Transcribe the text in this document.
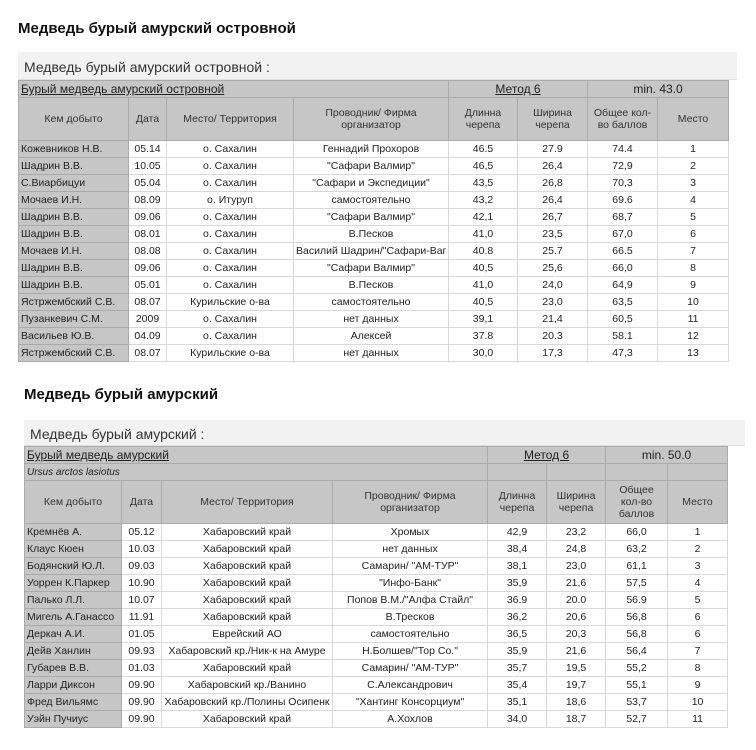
Медведь бурый амурский островной
Медведь бурый амурский островной :
Бурый медведь амурский островной				Метод 6		min. 43.0	
Кем добыто	Дата	Место/ Территория	Проводник/ Фирма организатор	Длинна черепа	Ширина черепа	Общее кол-во баллов	Место
Кожевников Н.В.	05.14	о. Сахалин	Геннадий Прохоров	46.5	27.9	74.4	1
Шадрин В.В.	10.05	о. Сахалин	"Сафари Валмир"	46,5	26,4	72,9	2
С.Виарбицуи	05.04	о. Сахалин	"Сафари и Экспедиции"	43,5	26,8	70,3	3
Мочаев И.Н.	08.09	о. Итуруп	самостоятельно	43,2	26,4	69.6	4
Шадрин В.В.	09.06	о. Сахалин	"Сафари Валмир"	42,1	26,7	68,7	5
Шадрин В.В.	08.01	о. Сахалин	В.Песков	41,0	23,5	67,0	6
Мочаев И.Н.	08.08	о. Сахалин	Василий Шадрин/"Сафари-Ваг	40.8	25.7	66.5	7
Шадрин В.В.	09.06	о. Сахалин	"Сафари Валмир"	40,5	25,6	66,0	8
Шадрин В.В.	05.01	о. Сахалин	В.Песков	41,0	24,0	64,9	9
Ястржембский С.В.	08.07	Курильские о-ва	самостоятельно	40,5	23,0	63,5	10
Пузанкевич С.М.	2009	о. Сахалин	нет данных	39,1	21,4	60,5	11
Васильев Ю.В.	04.09	о. Сахалин	Алексей	37.8	20.3	58.1	12
Ястржембский С.В.	08.07	Курильские о-ва	нет данных	30,0	17,3	47,3	13
Медведь бурый амурский
Медведь бурый амурский :
Бурый медведь амурский				Метод 6		min. 50.0	
Ursus arctos lasiotus							
Кем добыто	Дата	Место/ Территория	Проводник/ Фирма организатор	Длинна черепа	Ширина черепа	Общее кол-во баллов	Место
Кремнёв А.	05.12	Хабаровский край	Хромых	42,9	23,2	66,0	1
Клаус Кюен	10.03	Хабаровский край	нет данных	38,4	24,8	63,2	2
Бодянский Ю.Л.	09.03	Хабаровский край	Самарин/ "АМ-ТУР"	38,1	23,0	61,1	3
Уоррен К.Паркер	10.90	Хабаровский край	"Инфо-Банк"	35,9	21,6	57,5	4
Палько Л.Л.	10.07	Хабаровский край	Попов В.М./"Алфа Стайл"	36.9	20.0	56.9	5
Мигель А.Ганассо	11.91	Хабаровский край	В.Тресков	36,2	20,6	56,8	6
Деркач А.И.	01.05	Еврейский АО	самостоятельно	36,5	20,3	56,8	6
Дейв Ханлин	09.93	Хабаровский кр./Ник-к на Амуре	Н.Болшев/"Тор Со."	35,9	21,6	56,4	7
Губарев В.В.	01.03	Хабаровский край	Самарин/ "АМ-ТУР"	35,7	19,5	55,2	8
Ларри Диксон	09.90	Хабаровский кр./Ванино	С.Александрович	35,4	19,7	55,1	9
Фред Вильямс	09.90	Хабаровский кр./Полины Осипенк	"Хантинг Консорциум"	35,1	18,6	53,7	10
Уэйн Пучиус	09.90	Хабаровский край	А.Хохлов	34,0	18,7	52,7	11
